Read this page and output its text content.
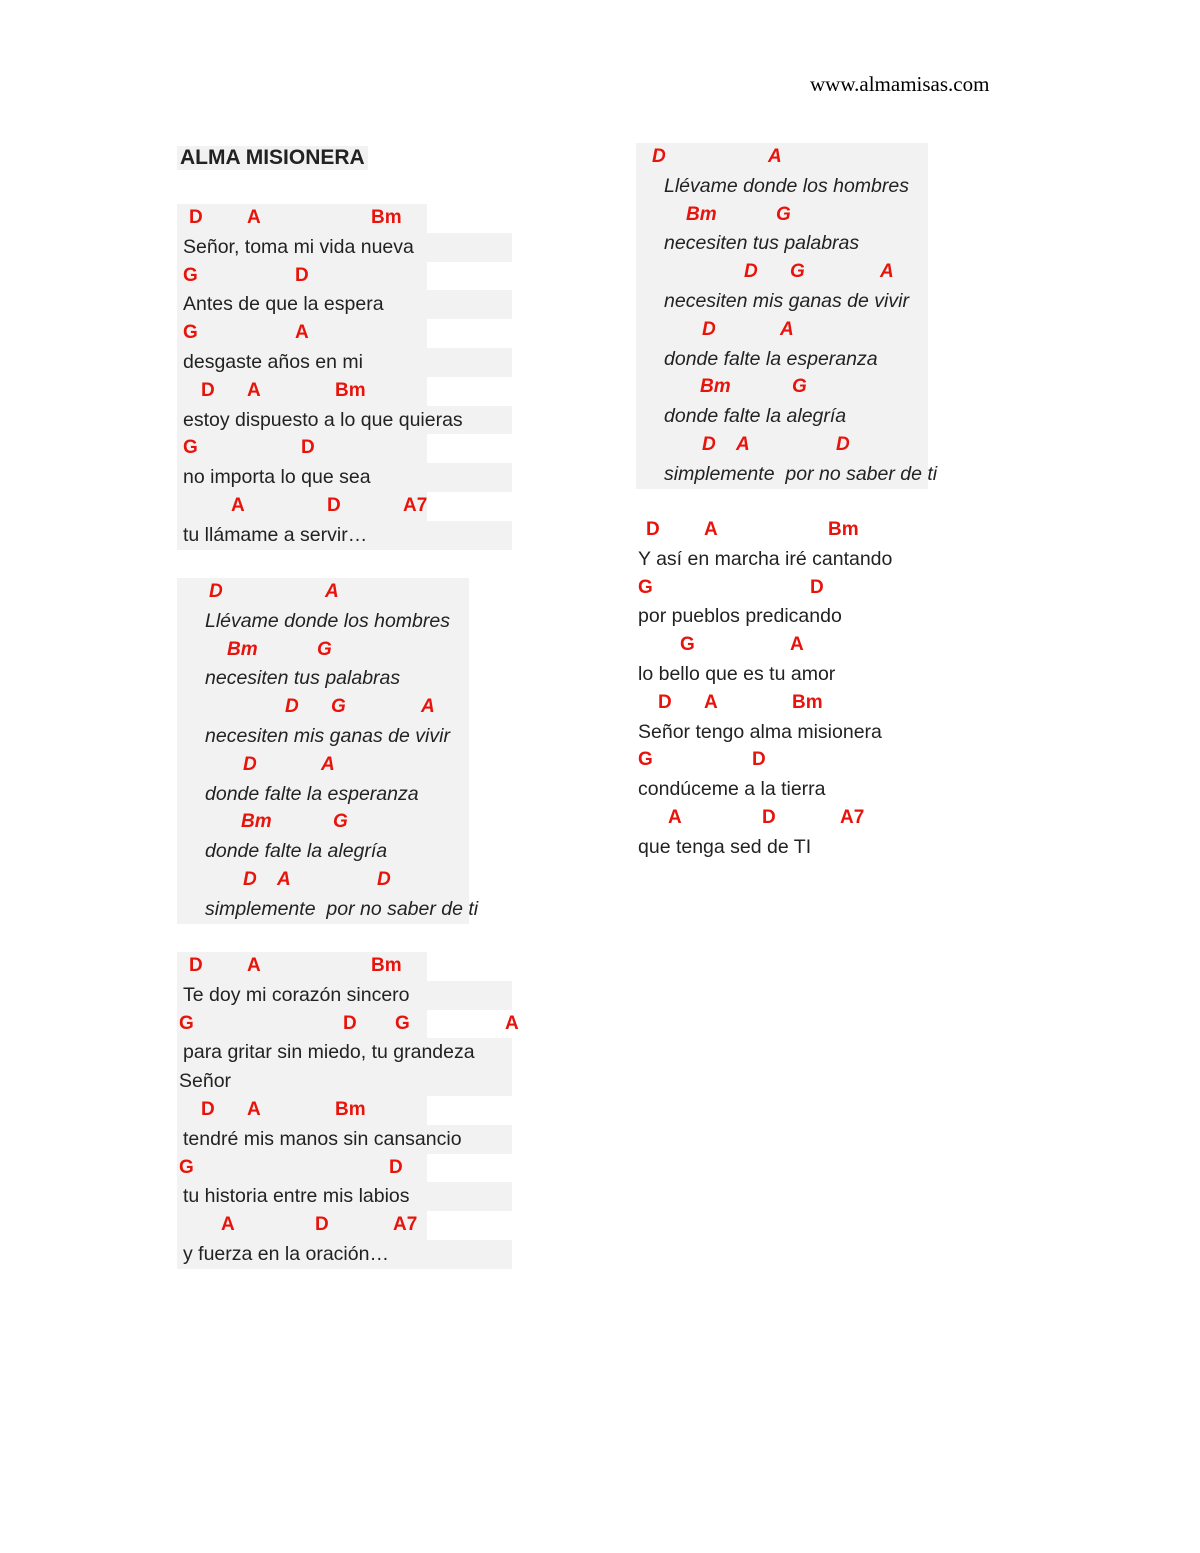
www.almamisas.com
ALMA MISIONERA
D A	Bm
Señor, toma mi vida nueva
G	D
Antes de que la espera
G	A
desgaste años en mi
D A	Bm
estoy dispuesto a lo que quieras
G	D
no importa lo que sea
A	D	A7
tu llámame a servir…
D	A
Llévame donde los hombres
Bm	G
necesiten tus palabras
D G	A
necesiten mis ganas de vivir
D	A
donde falte la esperanza
Bm	G
donde falte la alegría
D A	D
simplemente  por no saber de ti
D A	Bm
Te doy mi corazón sincero
G	D G	A
para gritar sin miedo, tu grandeza
Señor
D A	Bm
tendré mis manos sin cansancio
G	D
tu historia entre mis labios
A	D	A7
y fuerza en la oración…
D	A
Llévame donde los hombres
Bm	G
necesiten tus palabras
D G	A
necesiten mis ganas de vivir
D	A
donde falte la esperanza
Bm	G
donde falte la alegría
D A	D
simplemente  por no saber de ti
D A	Bm
Y así en marcha iré cantando
G	D
por pueblos predicando
G	A
lo bello que es tu amor
D A	Bm
Señor tengo alma misionera
G	D
condúceme a la tierra
A	D	A7
que tenga sed de TI
